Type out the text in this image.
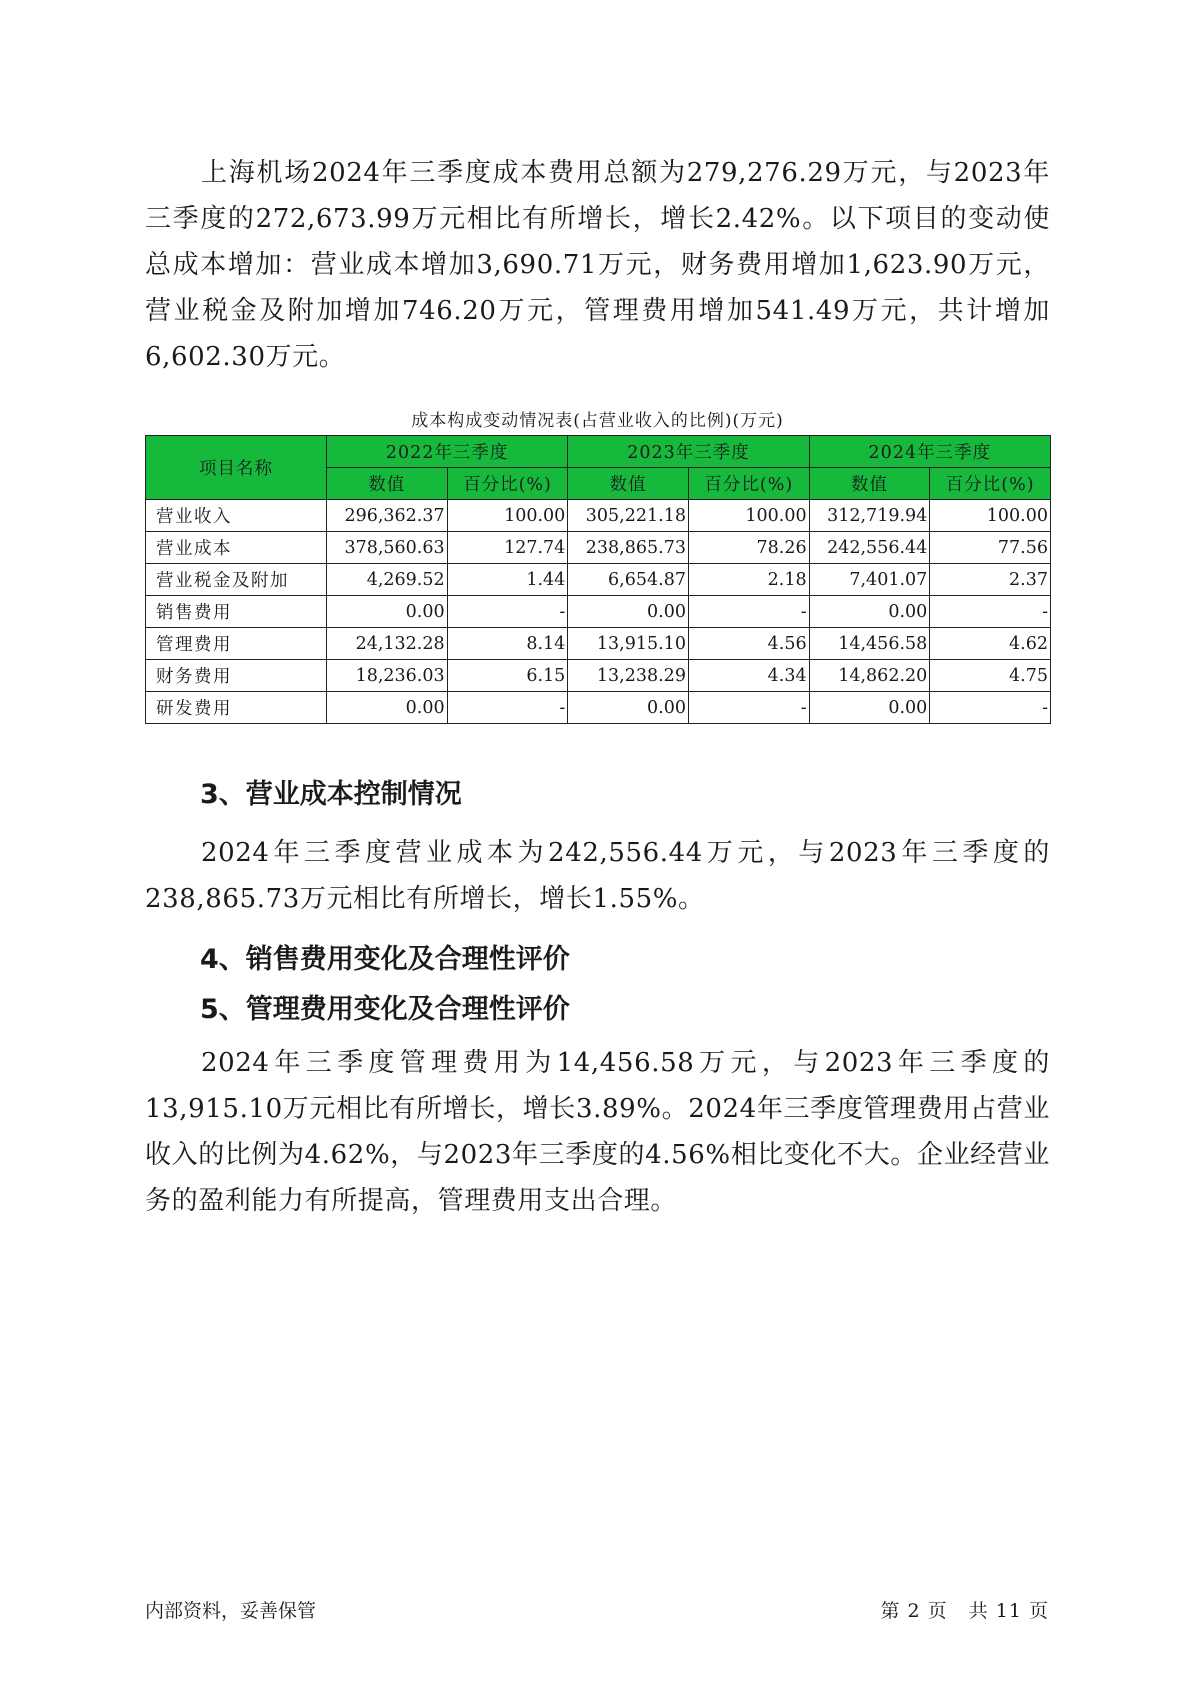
上海机场2024年三季度成本费用总额为279,276.29万元，与2023年三季度的272,673.99万元相比有所增长，增长2.42%。以下项目的变动使总成本增加：营业成本增加3,690.71万元，财务费用增加1,623.90万元，营业税金及附加增加746.20万元，管理费用增加541.49万元，共计增加6,602.30万元。

成本构成变动情况表(占营业收入的比例)(万元)
项目名称	2022年三季度		2023年三季度		2024年三季度	
	数值	百分比(%)	数值	百分比(%)	数值	百分比(%)
营业收入	296,362.37	100.00	305,221.18	100.00	312,719.94	100.00
营业成本	378,560.63	127.74	238,865.73	78.26	242,556.44	77.56
营业税金及附加	4,269.52	1.44	6,654.87	2.18	7,401.07	2.37
销售费用	0.00	-	0.00	-	0.00	-
管理费用	24,132.28	8.14	13,915.10	4.56	14,456.58	4.62
财务费用	18,236.03	6.15	13,238.29	4.34	14,862.20	4.75
研发费用	0.00	-	0.00	-	0.00	-
3、营业成本控制情况

2024年三季度营业成本为242,556.44万元，与2023年三季度的238,865.73万元相比有所增长，增长1.55%。

4、销售费用变化及合理性评价
5、管理费用变化及合理性评价

2024年三季度管理费用为14,456.58万元，与2023年三季度的13,915.10万元相比有所增长，增长3.89%。2024年三季度管理费用占营业收入的比例为4.62%，与2023年三季度的4.56%相比变化不大。企业经营业务的盈利能力有所提高，管理费用支出合理。

内部资料，妥善保管	第 2 页   共 11 页
